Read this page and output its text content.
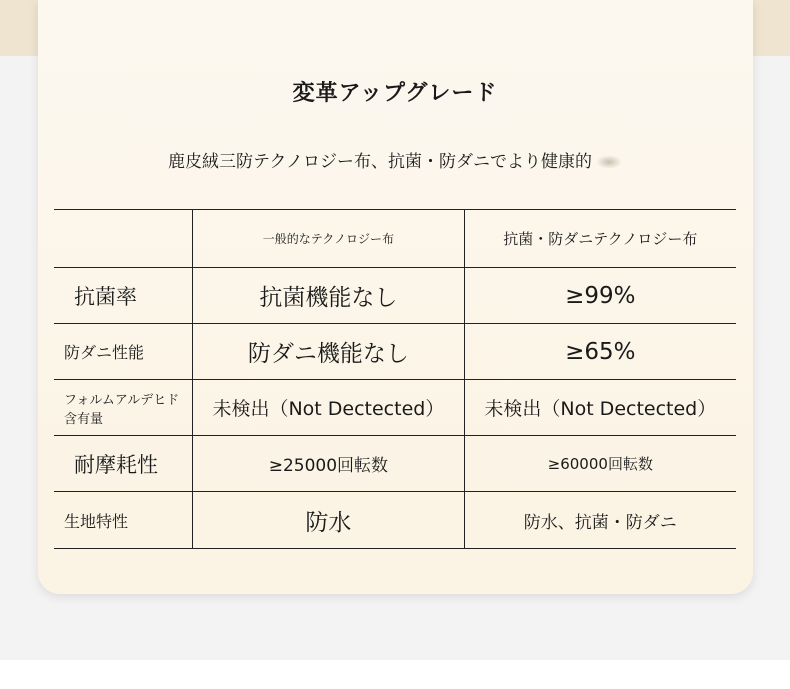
変革アップグレード
鹿皮絨三防テクノロジー布、抗菌・防ダニでより健康的
	一般的なテクノロジー布	抗菌・防ダニテクノロジー布
抗菌率	抗菌機能なし	≥99%
防ダニ性能	防ダニ機能なし	≥65%
フォルムアルデヒド含有量	未検出（Not Dectected）	未検出（Not Dectected）
耐摩耗性	≥25000回転数	≥60000回転数
生地特性	防水	防水、抗菌・防ダニ
